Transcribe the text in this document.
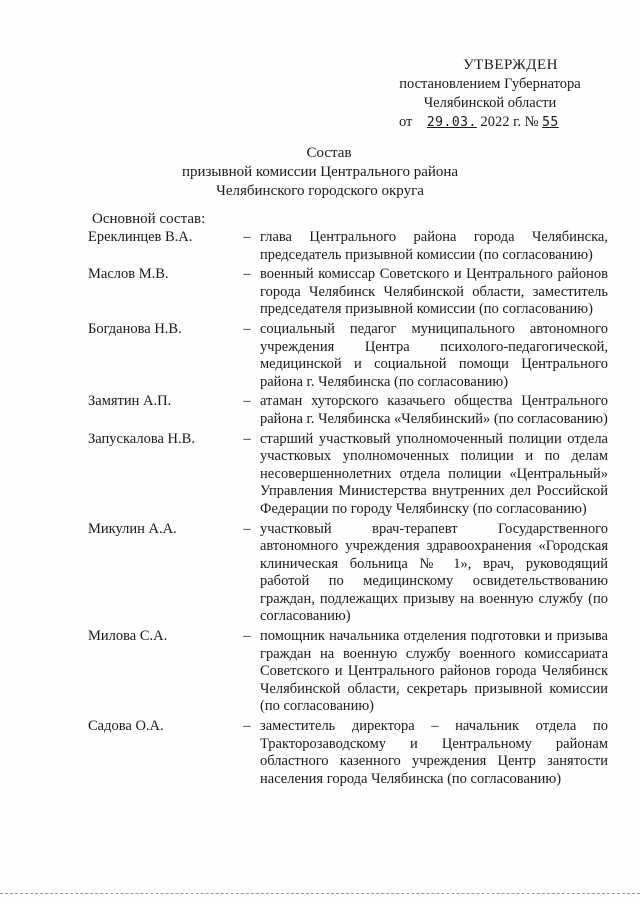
УТВЕРЖДЕН
постановлением Губернатора
Челябинской области
от 29.03. 2022 г. № 55
Состав
призывной комиссии Центрального района
Челябинского городского округа
Основной состав:
Ереклинцев В.А.	– глава Центрального района города Челябинска, председатель призывной комиссии (по согласованию)
Маслов М.В.	– военный комиссар Советского и Центрального районов города Челябинск Челябинской области, заместитель председателя призывной комиссии (по согласованию)
Богданова Н.В.	– социальный педагог муниципального автономного учреждения Центра психолого-педагогической, медицинской и социальной помощи Центрального района г. Челябинска (по согласованию)
Замятин А.П.	– атаман хуторского казачьего общества Центрального района г. Челябинска «Челябинский» (по согласованию)
Запускалова Н.В.	– старший участковый уполномоченный полиции отдела участковых уполномоченных полиции и по делам несовершеннолетних отдела полиции «Центральный» Управления Министерства внутренних дел Российской Федерации по городу Челябинску (по согласованию)
Микулин А.А.	– участковый врач-терапевт Государственного автономного учреждения здравоохранения «Городская клиническая больница № 1», врач, руководящий работой по медицинскому освидетельствованию граждан, подлежащих призыву на военную службу (по согласованию)
Милова С.А.	– помощник начальника отделения подготовки и призыва граждан на военную службу военного комиссариата Советского и Центрального районов города Челябинск Челябинской области, секретарь призывной комиссии (по согласованию)
Садова О.А.	– заместитель директора – начальник отдела по Тракторозаводскому и Центральному районам областного казенного учреждения Центр занятости населения города Челябинска (по согласованию)
